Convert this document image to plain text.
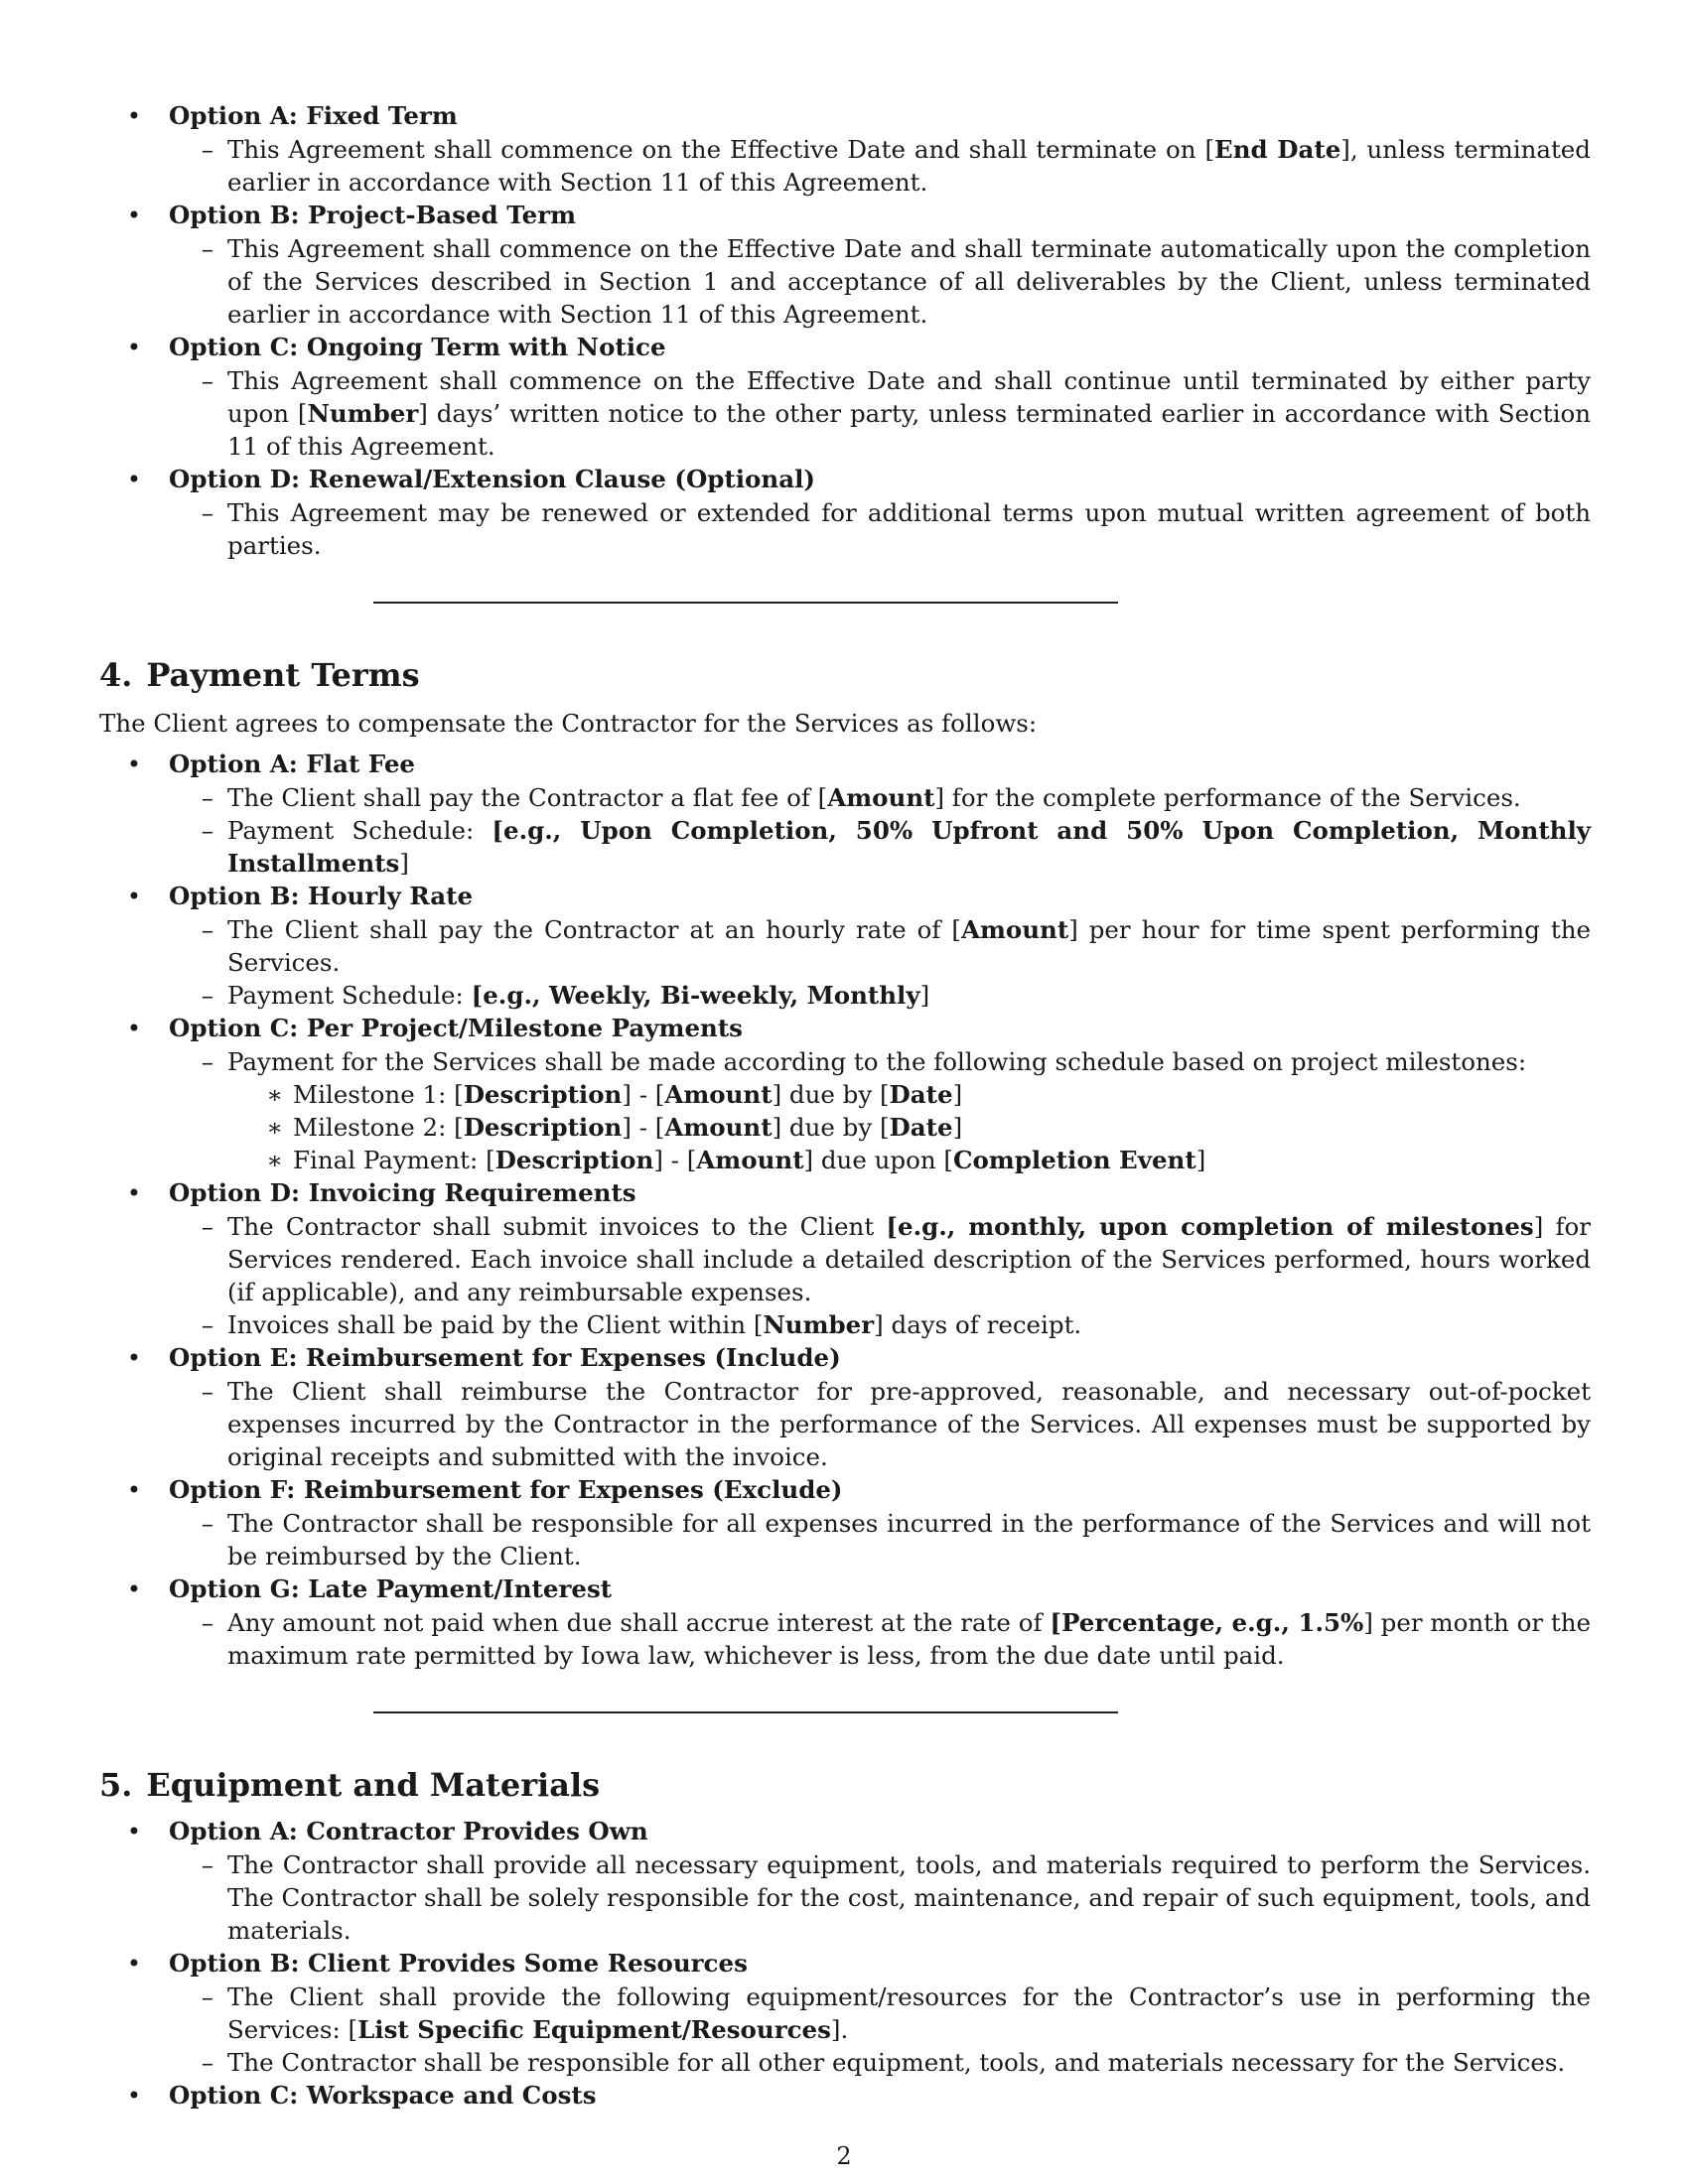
•	Option A: Fixed Term
– This Agreement shall commence on the Effective Date and shall terminate on [End Date], unless terminated earlier in accordance with Section 11 of this Agreement.
•	Option B: Project-Based Term
– This Agreement shall commence on the Effective Date and shall terminate automatically upon the completion of the Services described in Section 1 and acceptance of all deliverables by the Client, unless terminated earlier in accordance with Section 11 of this Agreement.
•	Option C: Ongoing Term with Notice
– This Agreement shall commence on the Effective Date and shall continue until terminated by either party upon [Number] days’ written notice to the other party, unless terminated earlier in accordance with Section 11 of this Agreement.
•	Option D: Renewal/Extension Clause (Optional)
– This Agreement may be renewed or extended for additional terms upon mutual written agreement of both parties.
4. Payment Terms
The Client agrees to compensate the Contractor for the Services as follows:
•	Option A: Flat Fee
– The Client shall pay the Contractor a flat fee of [Amount] for the complete performance of the Services.
– Payment Schedule: [e.g., Upon Completion, 50% Upfront and 50% Upon Completion, Monthly Installments]
•	Option B: Hourly Rate
– The Client shall pay the Contractor at an hourly rate of [Amount] per hour for time spent performing the Services.
– Payment Schedule: [e.g., Weekly, Bi-weekly, Monthly]
•	Option C: Per Project/Milestone Payments
– Payment for the Services shall be made according to the following schedule based on project milestones:
∗ Milestone 1: [Description] - [Amount] due by [Date]
∗ Milestone 2: [Description] - [Amount] due by [Date]
∗ Final Payment: [Description] - [Amount] due upon [Completion Event]
•	Option D: Invoicing Requirements
– The Contractor shall submit invoices to the Client [e.g., monthly, upon completion of milestones] for Services rendered. Each invoice shall include a detailed description of the Services performed, hours worked (if applicable), and any reimbursable expenses.
– Invoices shall be paid by the Client within [Number] days of receipt.
•	Option E: Reimbursement for Expenses (Include)
– The Client shall reimburse the Contractor for pre-approved, reasonable, and necessary out-of-pocket expenses incurred by the Contractor in the performance of the Services. All expenses must be supported by original receipts and submitted with the invoice.
•	Option F: Reimbursement for Expenses (Exclude)
– The Contractor shall be responsible for all expenses incurred in the performance of the Services and will not be reimbursed by the Client.
•	Option G: Late Payment/Interest
– Any amount not paid when due shall accrue interest at the rate of [Percentage, e.g., 1.5%] per month or the maximum rate permitted by Iowa law, whichever is less, from the due date until paid.
5. Equipment and Materials
•	Option A: Contractor Provides Own
– The Contractor shall provide all necessary equipment, tools, and materials required to perform the Services. The Contractor shall be solely responsible for the cost, maintenance, and repair of such equipment, tools, and materials.
•	Option B: Client Provides Some Resources
– The Client shall provide the following equipment/resources for the Contractor’s use in performing the Services: [List Specific Equipment/Resources].
– The Contractor shall be responsible for all other equipment, tools, and materials necessary for the Services.
•	Option C: Workspace and Costs
2
